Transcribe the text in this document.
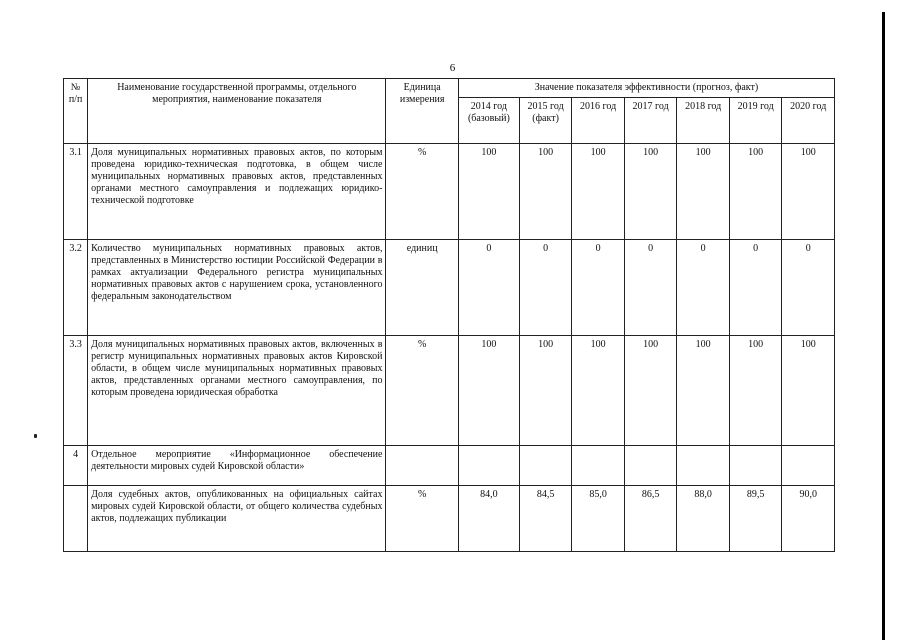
6
№ п/п	Наименование государственной программы, отдельного мероприятия, наименование показателя	Единица измерения	Значение показателя эффективности (прогноз, факт)						
			2014 год (базовый)	2015 год (факт)	2016 год	2017 год	2018 год	2019 год	2020 год
3.1	Доля муниципальных нормативных правовых актов, по которым проведена юридико-техническая подготовка, в общем числе муниципальных нормативных правовых актов, представленных органами местного самоуправления и подлежащих юридико-технической подготовке	%	100	100	100	100	100	100	100
3.2	Количество муниципальных нормативных правовых актов, представленных в Министерство юстиции Российской Федерации в рамках актуализации Федерального регистра муниципальных нормативных правовых актов с нарушением срока, установленного федеральным законодательством	единиц	0	0	0	0	0	0	0
3.3	Доля муниципальных нормативных правовых актов, включенных в регистр муниципальных нормативных правовых актов Кировской области, в общем числе муниципальных нормативных правовых актов, представленных органами местного самоуправления, по которым проведена юридическая обработка	%	100	100	100	100	100	100	100
4	Отдельное мероприятие «Информационное обеспечение деятельности мировых судей Кировской области»								
	Доля судебных актов, опубликованных на официальных сайтах мировых судей Кировской области, от общего количества судебных актов, подлежащих публикации	%	84,0	84,5	85,0	86,5	88,0	89,5	90,0
